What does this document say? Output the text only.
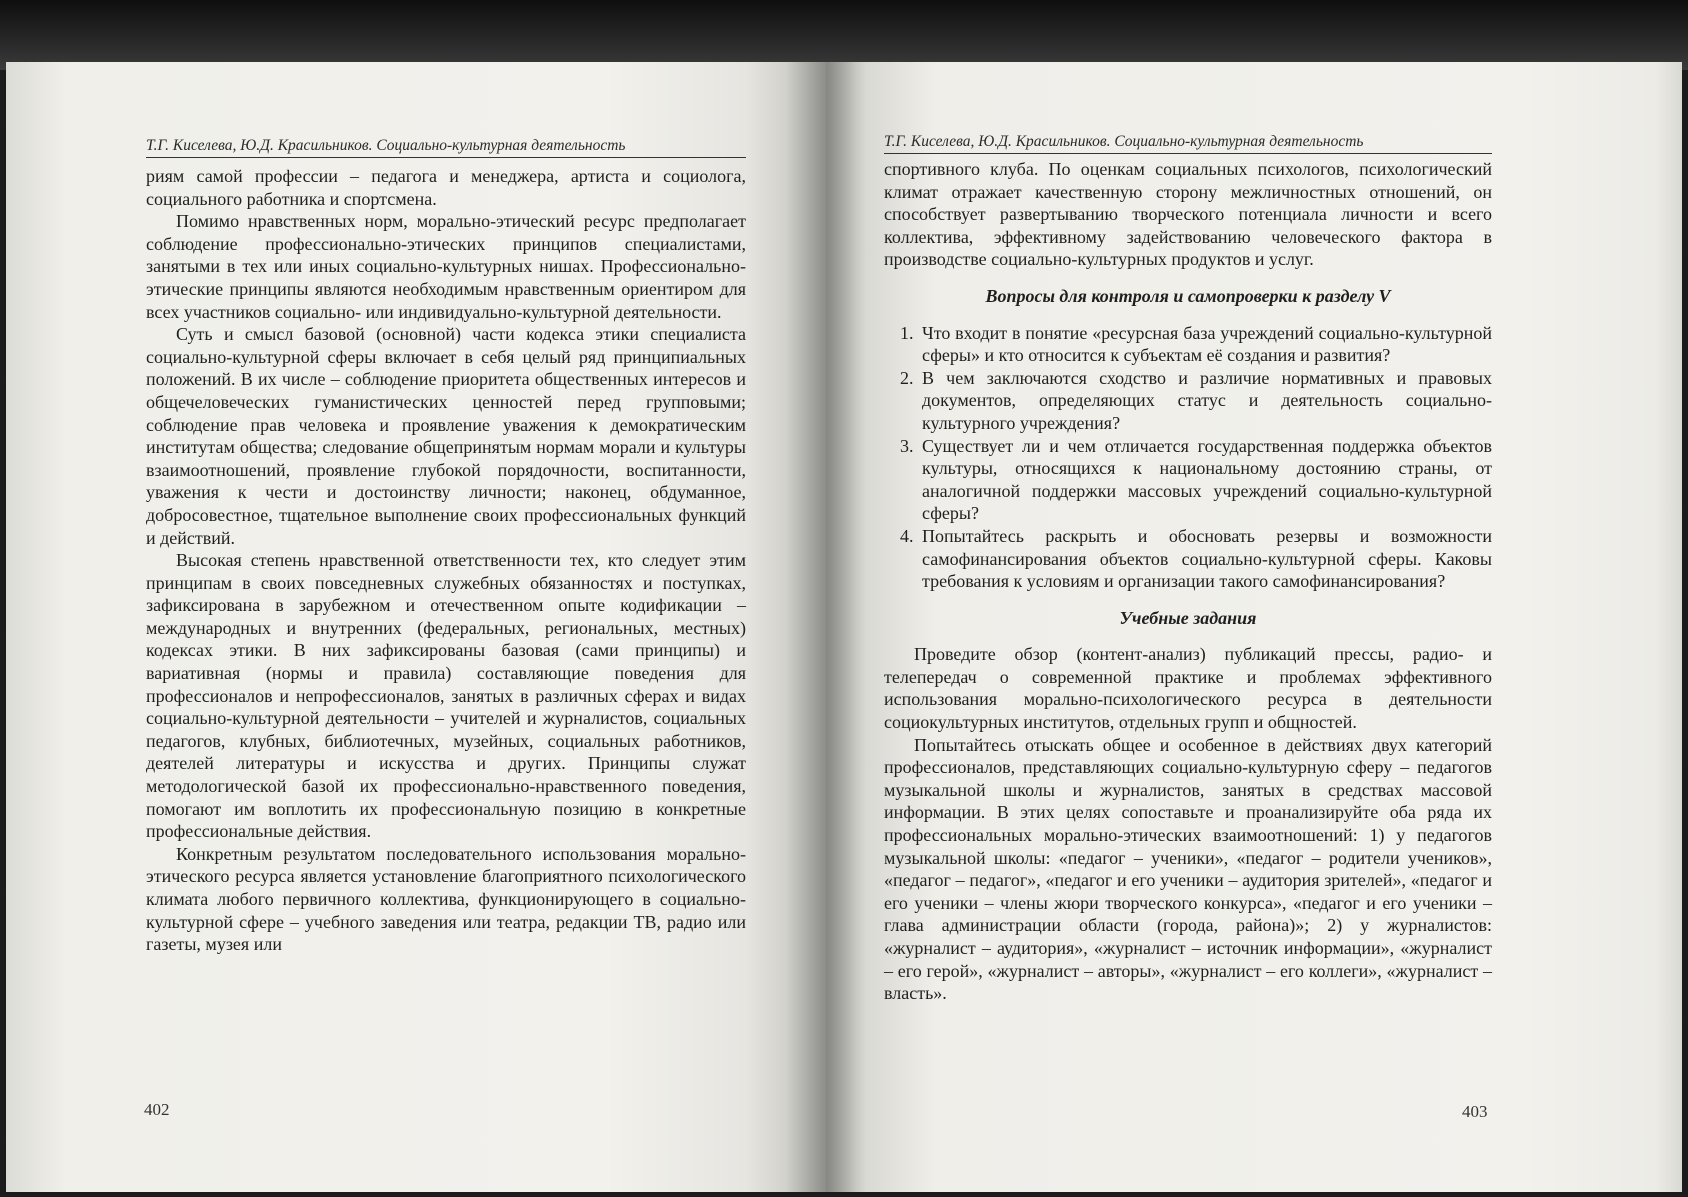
Т.Г. Киселева, Ю.Д. Красильников. Социально-культурная деятельность

риям самой профессии – педагога и менеджера, артиста и социолога, социального работника и спортсмена.

Помимо нравственных норм, морально-этический ресурс предполагает соблюдение профессионально-этических принципов специалистами, занятыми в тех или иных социально-культурных нишах. Профессионально-этические принципы являются необходимым нравственным ориентиром для всех участников социально- или индивидуально-культурной деятельности.

Суть и смысл базовой (основной) части кодекса этики специалиста социально-культурной сферы включает в себя целый ряд принципиальных положений. В их числе – соблюдение приоритета общественных интересов и общечеловеческих гуманистических ценностей перед групповыми; соблюдение прав человека и проявление уважения к демократическим институтам общества; следование общепринятым нормам морали и культуры взаимоотношений, проявление глубокой порядочности, воспитанности, уважения к чести и достоинству личности; наконец, обдуманное, добросовестное, тщательное выполнение своих профессиональных функций и действий.

Высокая степень нравственной ответственности тех, кто следует этим принципам в своих повседневных служебных обязанностях и поступках, зафиксирована в зарубежном и отечественном опыте кодификации – международных и внутренних (федеральных, региональных, местных) кодексах этики. В них зафиксированы базовая (сами принципы) и вариативная (нормы и правила) составляющие поведения для профессионалов и непрофессионалов, занятых в различных сферах и видах социально-культурной деятельности – учителей и журналистов, социальных педагогов, клубных, библиотечных, музейных, социальных работников, деятелей литературы и искусства и других. Принципы служат методологической базой их профессионально-нравственного поведения, помогают им воплотить их профессиональную позицию в конкретные профессиональные действия.

Конкретным результатом последовательного использования морально-этического ресурса является установление благоприятного психологического климата любого первичного коллектива, функционирующего в социально-культурной сфере – учебного заведения или театра, редакции ТВ, радио или газеты, музея или

402
Т.Г. Киселева, Ю.Д. Красильников. Социально-культурная деятельность

спортивного клуба. По оценкам социальных психологов, психологический климат отражает качественную сторону межличностных отношений, он способствует развертыванию творческого потенциала личности и всего коллектива, эффективному задействованию человеческого фактора в производстве социально-культурных продуктов и услуг.

Вопросы для контроля и самопроверки к разделу V
1. Что входит в понятие «ресурсная база учреждений социально-культурной сферы» и кто относится к субъектам её создания и развития?
2. В чем заключаются сходство и различие нормативных и правовых документов, определяющих статус и деятельность социально-культурного учреждения?
3. Существует ли и чем отличается государственная поддержка объектов культуры, относящихся к национальному достоянию страны, от аналогичной поддержки массовых учреждений социально-культурной сферы?
4. Попытайтесь раскрыть и обосновать резервы и возможности самофинансирования объектов социально-культурной сферы. Каковы требования к условиям и организации такого самофинансирования?
Учебные задания

Проведите обзор (контент-анализ) публикаций прессы, радио- и телепередач о современной практике и проблемах эффективного использования морально-психологического ресурса в деятельности социокультурных институтов, отдельных групп и общностей.

Попытайтесь отыскать общее и особенное в действиях двух категорий профессионалов, представляющих социально-культурную сферу – педагогов музыкальной школы и журналистов, занятых в средствах массовой информации. В этих целях сопоставьте и проанализируйте оба ряда их профессиональных морально-этических взаимоотношений: 1) у педагогов музыкальной школы: «педагог – ученики», «педагог – родители учеников», «педагог – педагог», «педагог и его ученики – аудитория зрителей», «педагог и его ученики – члены жюри творческого конкурса», «педагог и его ученики – глава администрации области (города, района)»; 2) у журналистов: «журналист – аудитория», «журналист – источник информации», «журналист – его герой», «журналист – авторы», «журналист – его коллеги», «журналист – власть».

403
